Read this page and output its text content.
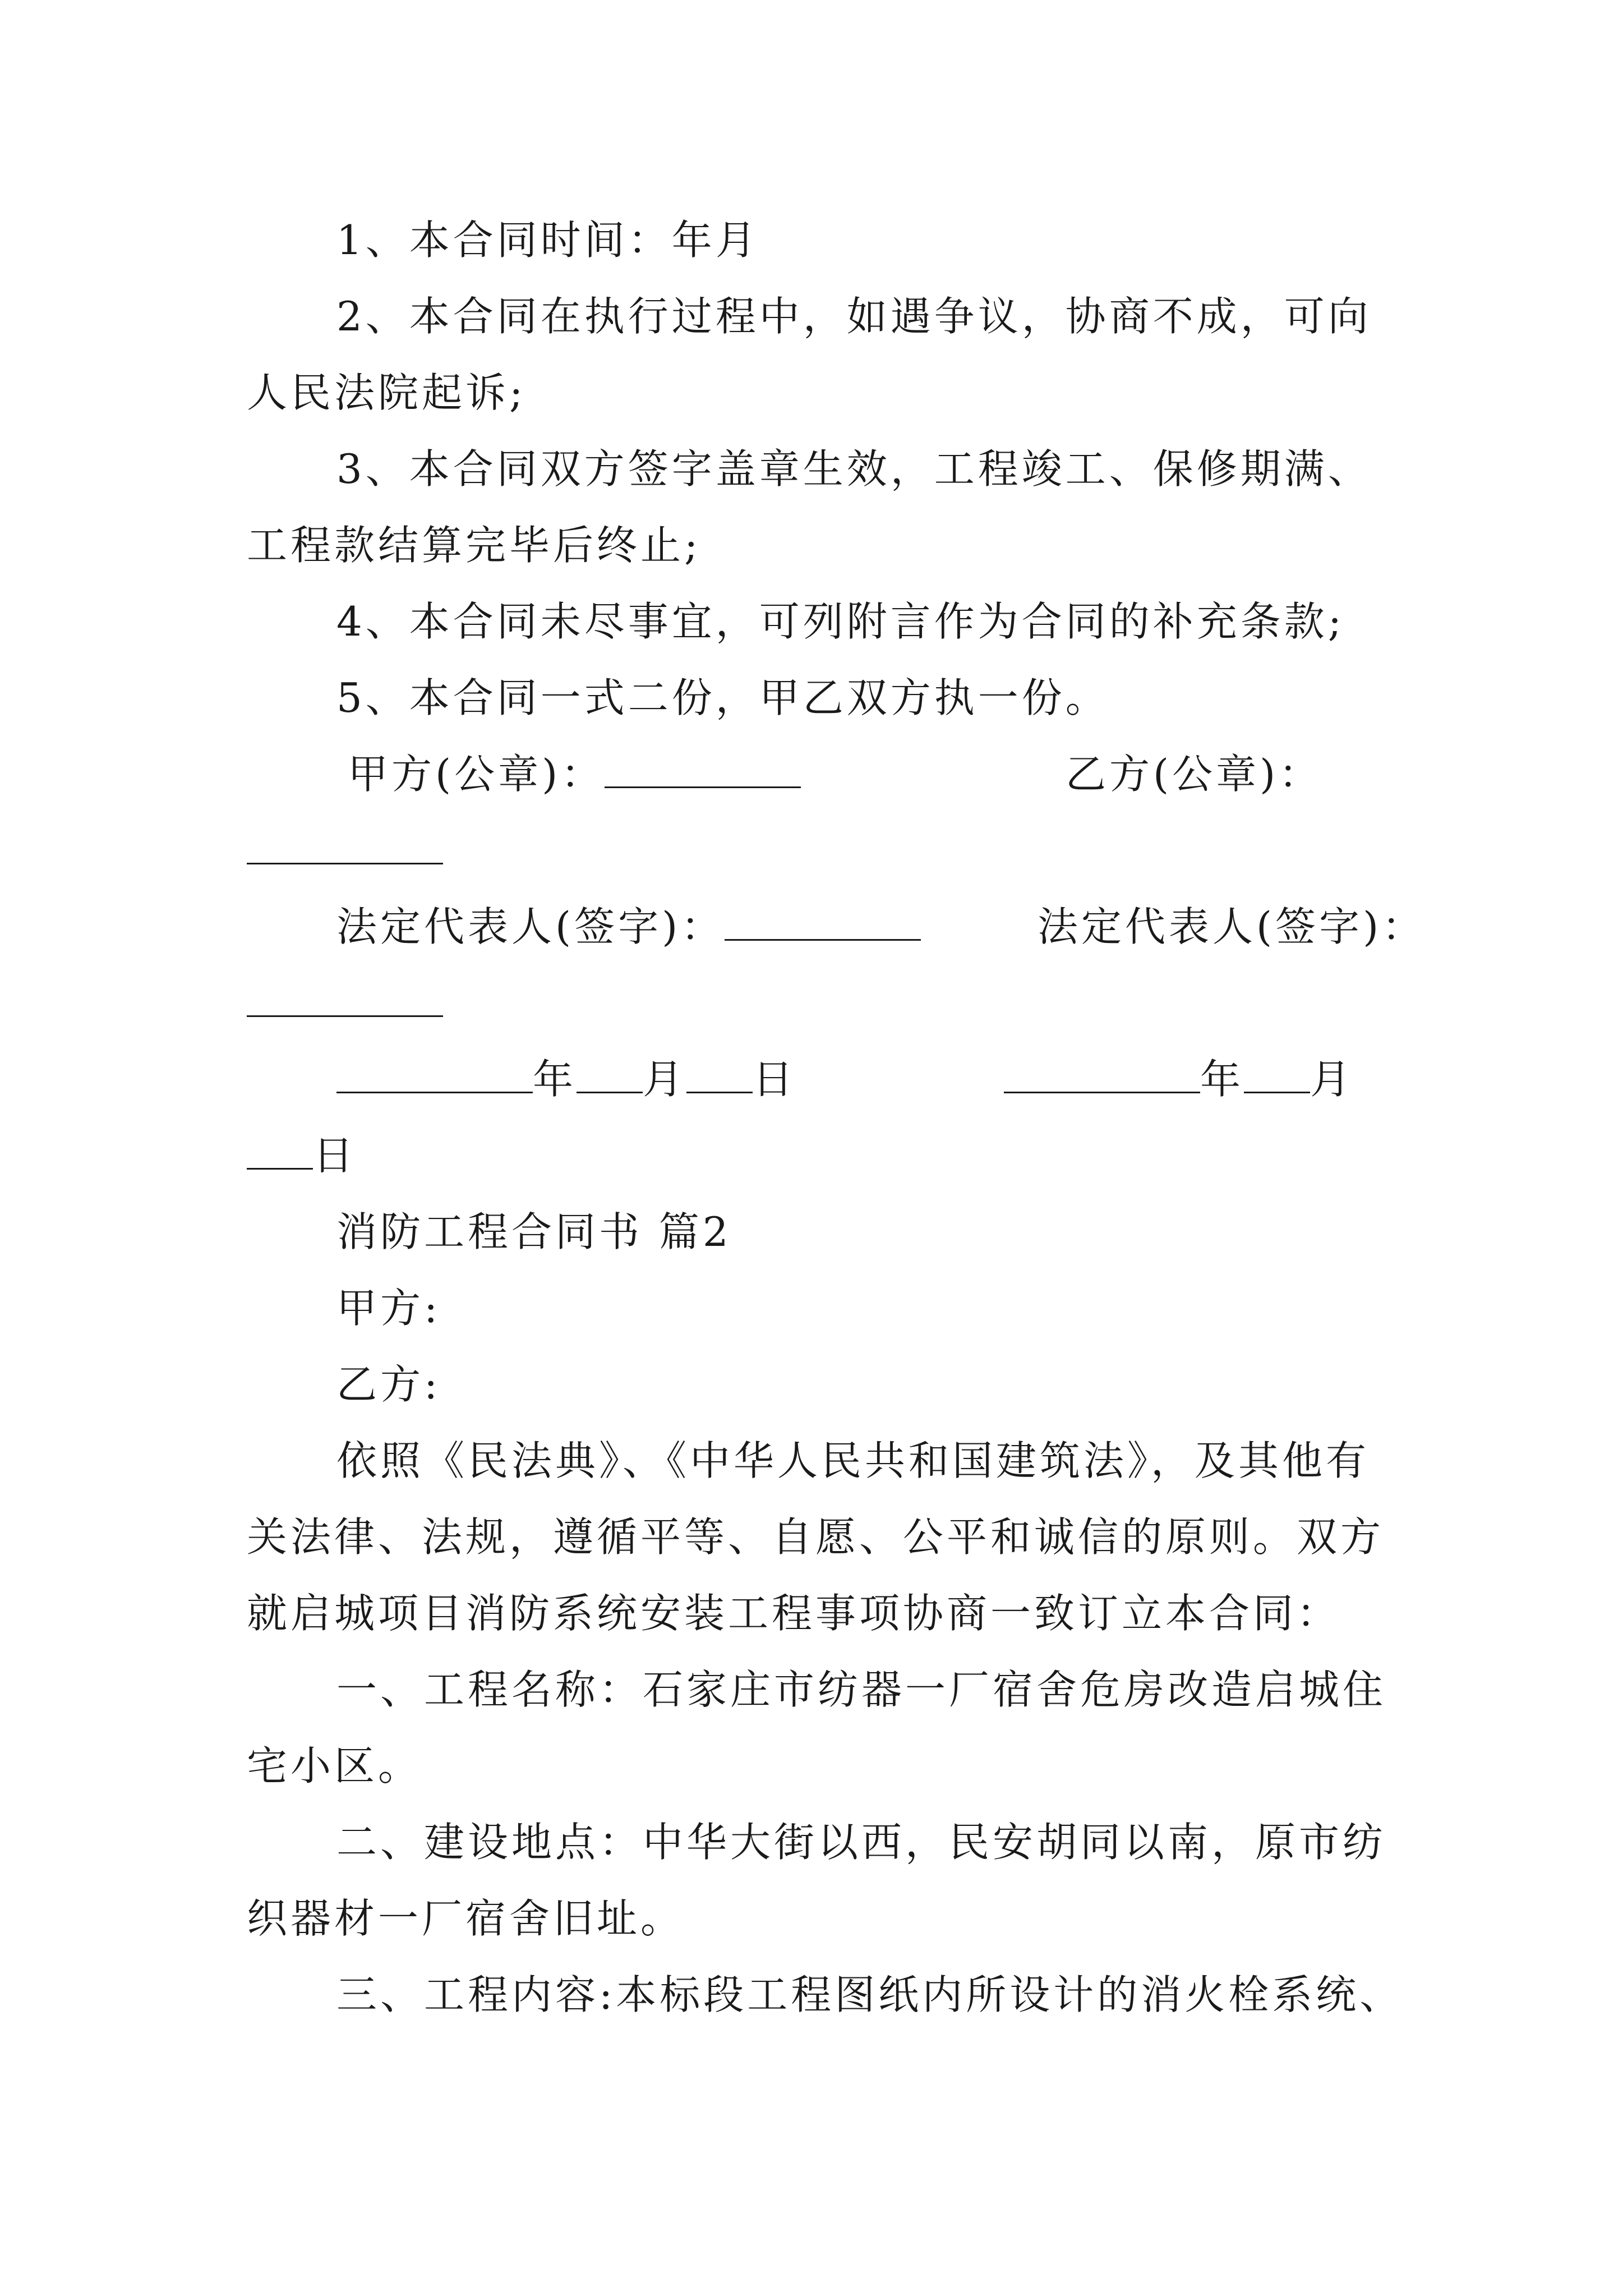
1、本合同时间：年月
2、本合同在执行过程中，如遇争议，协商不成，可向
人民法院起诉;
3、本合同双方签字盖章生效，工程竣工、保修期满、
工程款结算完毕后终止;
4、本合同未尽事宜，可列附言作为合同的补充条款;
5、本合同一式二份，甲乙双方执一份。
甲方(公章)：	乙方(公章)：
法定代表人(签字)：	法定代表人(签字)：
年 月 日	年 月
日
消防工程合同书 篇2
甲方:
乙方:
依照《民法典》、《中华人民共和国建筑法》，及其他有
关法律、法规，遵循平等、自愿、公平和诚信的原则。双方
就启城项目消防系统安装工程事项协商一致订立本合同：
一、工程名称：石家庄市纺器一厂宿舍危房改造启城住
宅小区。
二、建设地点：中华大街以西，民安胡同以南，原市纺
织器材一厂宿舍旧址。
三、工程内容:本标段工程图纸内所设计的消火栓系统、
